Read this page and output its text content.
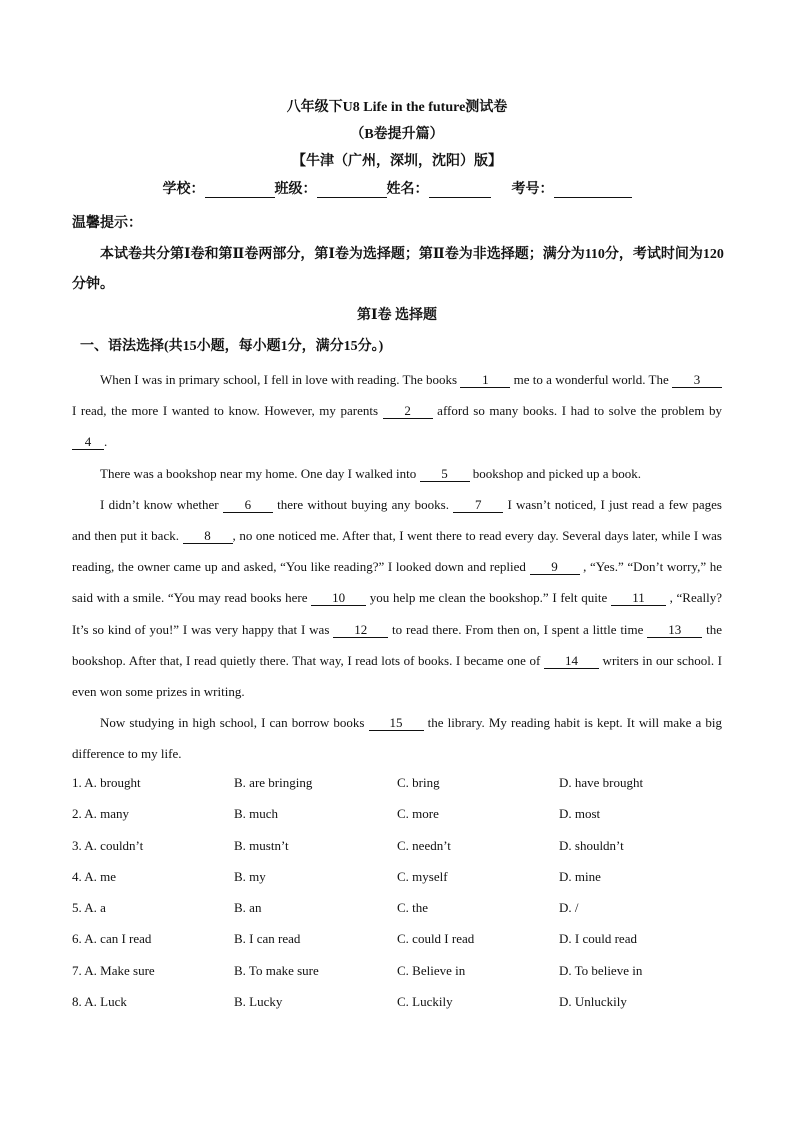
八年级下U8 Life in the future测试卷
（B卷提升篇）
【牛津（广州，深圳，沈阳）版】
学校：	班级：	姓名：	考号：
温馨提示：
本试卷共分第Ⅰ卷和第Ⅱ卷两部分，第Ⅰ卷为选择题；第Ⅱ卷为非选择题；满分为110分，考试时间为120分钟。
第Ⅰ卷 选择题
一、语法选择(共15小题，每小题1分，满分15分。)

When I was in primary school, I fell in love with reading. The books 1 me to a wonderful world. The 3 I read, the more I wanted to know. However, my parents 2 afford so many books. I had to solve the problem by 4 .

There was a bookshop near my home. One day I walked into 5 bookshop and picked up a book.

I didn’t know whether 6 there without buying any books. 7 I wasn’t noticed, I just read a few pages and then put it back. 8 , no one noticed me. After that, I went there to read every day. Several days later, while I was reading, the owner came up and asked, “You like reading?” I looked down and replied 9 , “Yes.” “Don’t worry,” he said with a smile. “You may read books here 10 you help me clean the bookshop.” I felt quite 11 , “Really? It’s so kind of you!” I was very happy that I was 12 to read there. From then on, I spent a little time 13 the bookshop. After that, I read quietly there. That way, I read lots of books. I became one of 14 writers in our school. I even won some prizes in writing.

Now studying in high school, I can borrow books 15 the library. My reading habit is kept. It will make a big difference to my life.

1. A. brought	B. are bringing	C. bring	D. have brought
2. A. many	B. much	C. more	D. most
3. A. couldn’t	B. mustn’t	C. needn’t	D. shouldn’t
4. A. me	B. my	C. myself	D. mine
5. A. a	B. an	C. the	D. /
6. A. can I read	B. I can read	C. could I read	D. I could read
7. A. Make sure	B. To make sure	C. Believe in	D. To believe in
8. A. Luck	B. Lucky	C. Luckily	D. Unluckily
